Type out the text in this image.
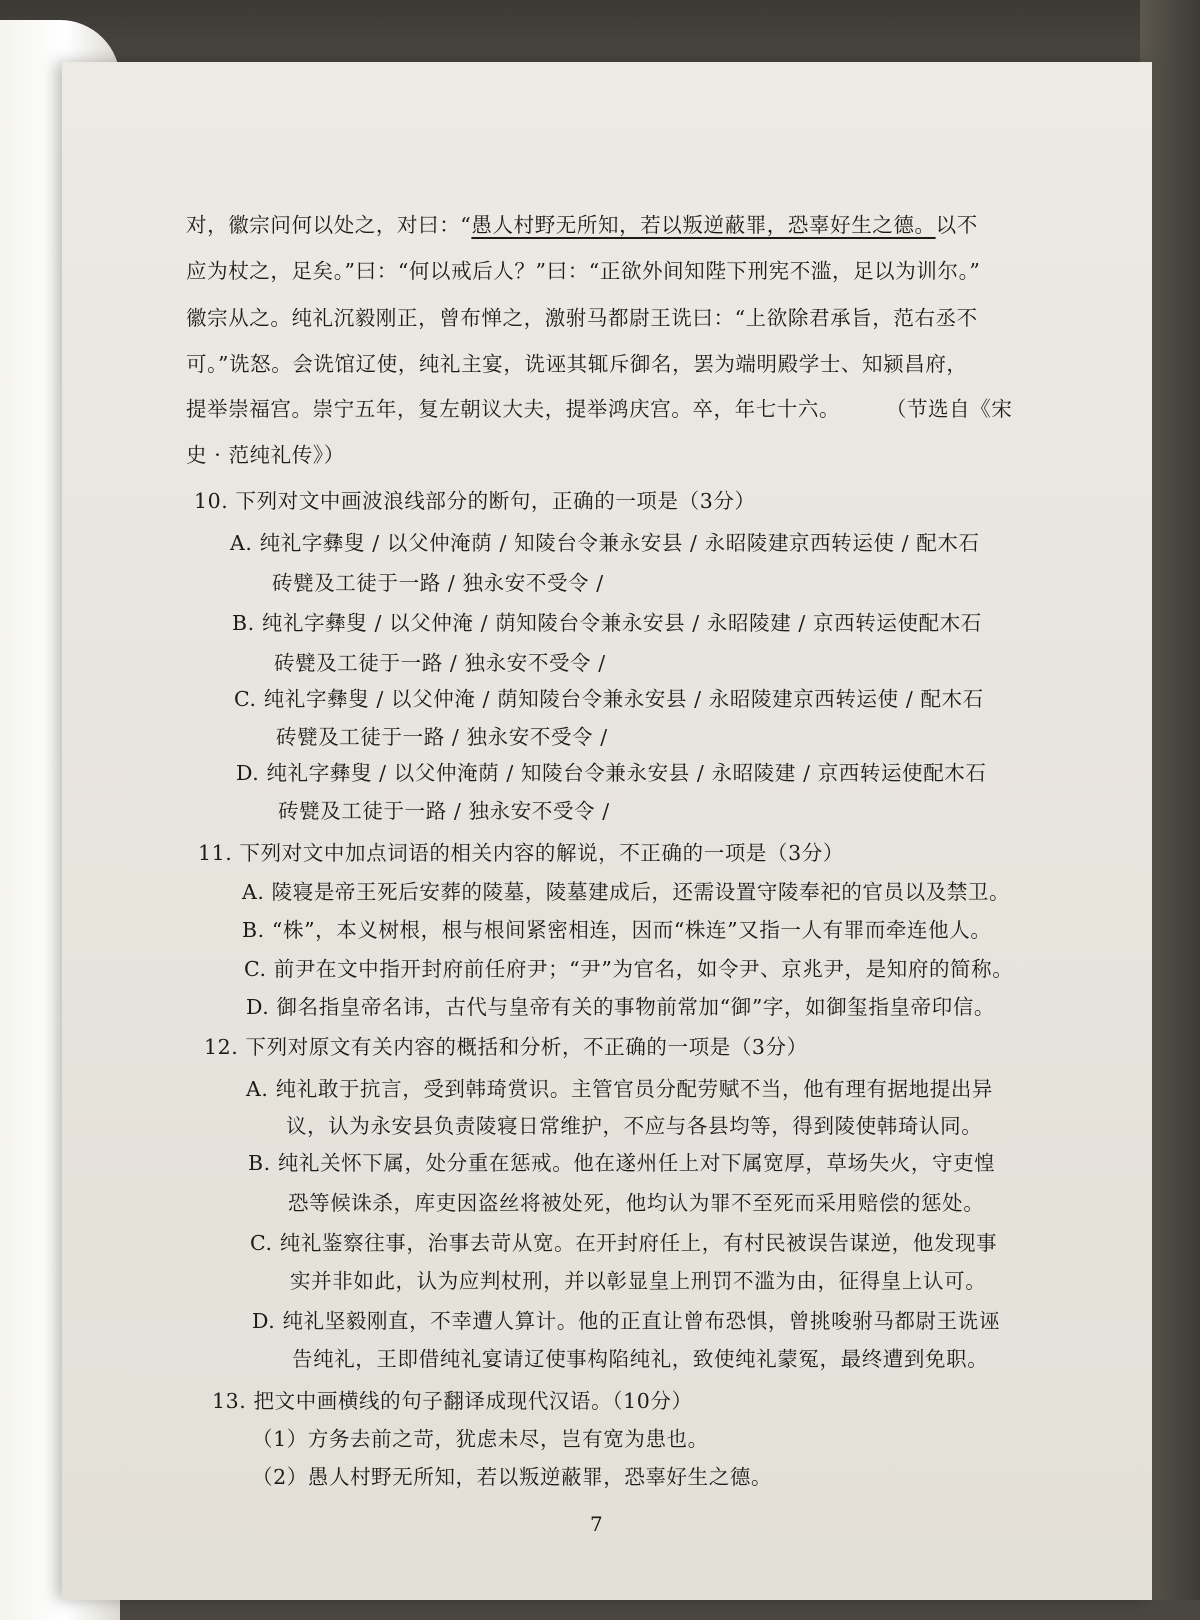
对，徽宗问何以处之，对曰：“愚人村野无所知，若以叛逆蔽罪，恐辜好生之德。以不
应为杖之，足矣。”曰：“何以戒后人？”曰：“正欲外间知陛下刑宪不滥，足以为训尔。”
徽宗从之。纯礼沉毅刚正，曾布惮之，激驸马都尉王诜曰：“上欲除君承旨，范右丞不
可。”诜怒。会诜馆辽使，纯礼主宴，诜诬其辄斥御名，罢为端明殿学士、知颍昌府，
提举崇福宫。崇宁五年，复左朝议大夫，提举鸿庆宫。卒，年七十六。	（节选自《宋
史 · 范纯礼传》）
10. 下列对文中画波浪线部分的断句，正确的一项是（3分）
A. 纯礼字彝叟 / 以父仲淹荫 / 知陵台令兼永安县 / 永昭陵建京西转运使 / 配木石
砖甓及工徒于一路 / 独永安不受令 /
B. 纯礼字彝叟 / 以父仲淹 / 荫知陵台令兼永安县 / 永昭陵建 / 京西转运使配木石
砖甓及工徒于一路 / 独永安不受令 /
C. 纯礼字彝叟 / 以父仲淹 / 荫知陵台令兼永安县 / 永昭陵建京西转运使 / 配木石
砖甓及工徒于一路 / 独永安不受令 /
D. 纯礼字彝叟 / 以父仲淹荫 / 知陵台令兼永安县 / 永昭陵建 / 京西转运使配木石
砖甓及工徒于一路 / 独永安不受令 /
11. 下列对文中加点词语的相关内容的解说，不正确的一项是（3分）
A. 陵寝是帝王死后安葬的陵墓，陵墓建成后，还需设置守陵奉祀的官员以及禁卫。
B. “株”，本义树根，根与根间紧密相连，因而“株连”又指一人有罪而牵连他人。
C. 前尹在文中指开封府前任府尹；“尹”为官名，如令尹、京兆尹，是知府的简称。
D. 御名指皇帝名讳，古代与皇帝有关的事物前常加“御”字，如御玺指皇帝印信。
12. 下列对原文有关内容的概括和分析，不正确的一项是（3分）
A. 纯礼敢于抗言，受到韩琦赏识。主管官员分配劳赋不当，他有理有据地提出异
议，认为永安县负责陵寝日常维护，不应与各县均等，得到陵使韩琦认同。
B. 纯礼关怀下属，处分重在惩戒。他在遂州任上对下属宽厚，草场失火，守吏惶
恐等候诛杀，库吏因盗丝将被处死，他均认为罪不至死而采用赔偿的惩处。
C. 纯礼鉴察往事，治事去苛从宽。在开封府任上，有村民被误告谋逆，他发现事
实并非如此，认为应判杖刑，并以彰显皇上刑罚不滥为由，征得皇上认可。
D. 纯礼坚毅刚直，不幸遭人算计。他的正直让曾布恐惧，曾挑唆驸马都尉王诜诬
告纯礼，王即借纯礼宴请辽使事构陷纯礼，致使纯礼蒙冤，最终遭到免职。
13. 把文中画横线的句子翻译成现代汉语。（10分）
（1）方务去前之苛，犹虑未尽，岂有宽为患也。
（2）愚人村野无所知，若以叛逆蔽罪，恐辜好生之德。
7
